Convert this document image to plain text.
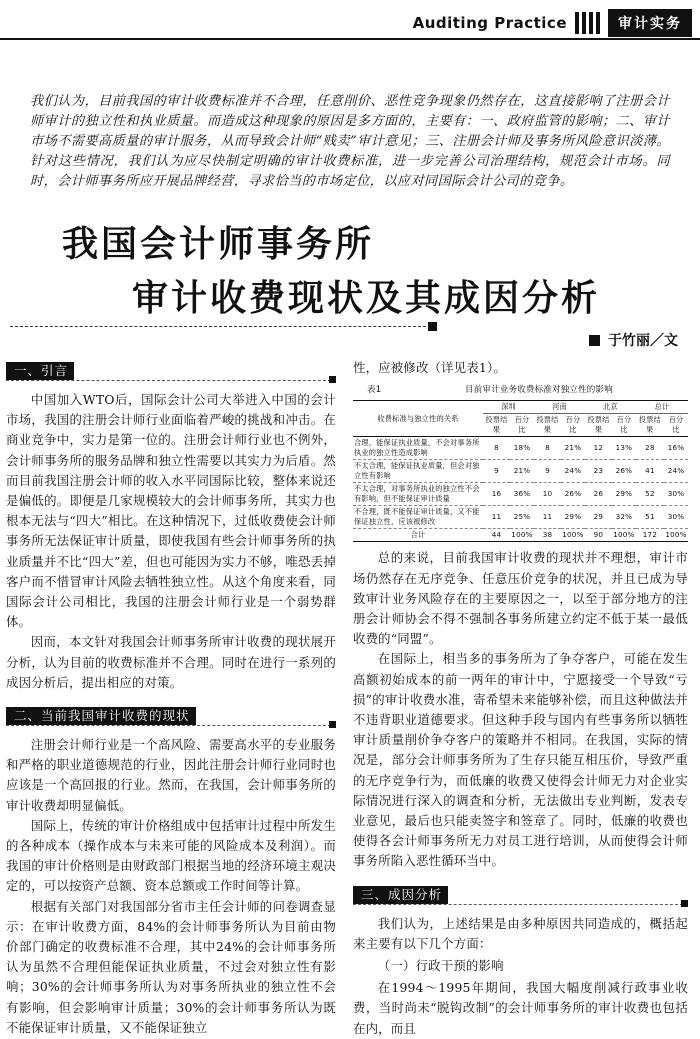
Auditing Practice	审计实务
我们认为，目前我国的审计收费标准并不合理，任意削价、恶性竞争现象仍然存在，这直接影响了注册会计师审计的独立性和执业质量。而造成这种现象的原因是多方面的，主要有：一、政府监管的影响；二、审计市场不需要高质量的审计服务，从而导致会计师“贱卖”审计意见；三、注册会计师及事务所风险意识淡薄。针对这些情况，我们认为应尽快制定明确的审计收费标准，进一步完善公司治理结构，规范会计市场。同时，会计师事务所应开展品牌经营，寻求恰当的市场定位，以应对同国际会计公司的竞争。
我国会计师事务所
审计收费现状及其成因分析
于竹丽／文
一、引言

中国加入WTO后，国际会计公司大举进入中国的会计市场，我国的注册会计师行业面临着严峻的挑战和冲击。在商业竞争中，实力是第一位的。注册会计师行业也不例外，会计师事务所的服务品牌和独立性需要以其实力为后盾。然而目前我国注册会计师的收入水平同国际比较，整体来说还是偏低的。即便是几家规模较大的会计师事务所，其实力也根本无法与“四大”相比。在这种情况下，过低收费使会计师事务所无法保证审计质量，即使我国有些会计师事务所的执业质量并不比“四大”差，但也可能因为实力不够，唯恐丢掉客户而不惜冒审计风险去牺牲独立性。从这个角度来看，同国际会计公司相比，我国的注册会计师行业是一个弱势群体。

因而，本文针对我国会计师事务所审计收费的现状展开分析，认为目前的收费标准并不合理。同时在进行一系列的成因分析后，提出相应的对策。

二、当前我国审计收费的现状

注册会计师行业是一个高风险、需要高水平的专业服务和严格的职业道德规范的行业，因此注册会计师行业同时也应该是一个高回报的行业。然而，在我国，会计师事务所的审计收费却明显偏低。

国际上，传统的审计价格组成中包括审计过程中所发生的各种成本（操作成本与未来可能的风险成本及利润）。而我国的审计价格则是由财政部门根据当地的经济环境主观决定的，可以按资产总额、资本总额或工作时间等计算。

根据有关部门对我国部分省市主任会计师的问卷调查显示：在审计收费方面，84%的会计师事务所认为目前由物价部门确定的收费标准不合理，其中24%的会计师事务所认为虽然不合理但能保证执业质量，不过会对独立性有影响；30%的会计师事务所认为对事务所执业的独立性不会有影响，但会影响审计质量；30%的会计师事务所认为既不能保证审计质量，又不能保证独立

性，应被修改（详见表1）。

表1	目前审计业务收费标准对独立性的影响
收费标准与独立性的关系	深圳		河南		北京		总计	
	投票结果	百分比	投票结果	百分比	投票结果	百分比	投票结果	百分比
合理，能保证执业质量，不会对事务所执业的独立性造成影响	8	18%	8	21%	12	13%	28	16%
不太合理，能保证执业质量，但会对独立性有影响	9	21%	9	24%	23	26%	41	24%
不太合理，对事务所执业的独立性不会有影响，但不能保证审计质量	16	36%	10	26%	26	29%	52	30%
不合理，既不能保证审计质量，又不能保证独立性，应该被修改	11	25%	11	29%	29	32%	51	30%
合计	44	100%	38	100%	90	100%	172	100%

总的来说，目前我国审计收费的现状并不理想，审计市场仍然存在无序竞争、任意压价竞争的状况，并且已成为导致审计业务风险存在的主要原因之一，以至于部分地方的注册会计师协会不得不强制各事务所建立约定不低于某一最低收费的“同盟”。

在国际上，相当多的事务所为了争夺客户，可能在发生高额初始成本的前一两年的审计中，宁愿接受一个导致“亏损”的审计收费水准，寄希望未来能够补偿，而且这种做法并不违背职业道德要求。但这种手段与国内有些事务所以牺牲审计质量削价争夺客户的策略并不相同。在我国，实际的情况是，部分会计师事务所为了生存只能互相压价，导致严重的无序竞争行为，而低廉的收费又使得会计师无力对企业实际情况进行深入的调查和分析，无法做出专业判断，发表专业意见，最后也只能卖签字和签章了。同时，低廉的收费也使得各会计师事务所无力对员工进行培训，从而使得会计师事务所陷入恶性循环当中。

三、成因分析

我们认为，上述结果是由多种原因共同造成的，概括起来主要有以下几个方面：

（一）行政干预的影响

在1994～1995年期间，我国大幅度削减行政事业收费，当时尚未“脱钩改制”的会计师事务所的审计收费也包括在内，而且
